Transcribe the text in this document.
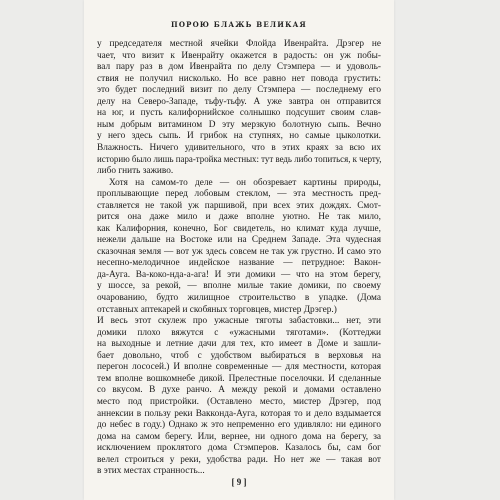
ПОРОЮ БЛАЖЬ ВЕЛИКАЯ
у председателя местной ячейки Флойда Ивенрайта. Дрэгер не
чает, что визит к Ивенрайту окажется в радость: он уж побы-
вал пару раз в дом Ивенрайта по делу Стэмпера — и удоволь-
ствия не получил нисколько. Но все равно нет повода грустить:
это будет последний визит по делу Стэмпера — последнему его
делу на Северо-Западе, тьфу-тьфу. А уже завтра он отправится
на юг, и пусть калифорнийское солнышко подсушит своим слав-
ным добрым витамином D эту мерзкую болотную сыпь. Вечно
у него здесь сыпь. И грибок на ступнях, но самые цыколотки.
Влажность. Ничего удивительного, что в этих краях за всю их
историю было лишь пара-тройка местных: тут ведь либо топиться, к черту,
либо гнить заживо.
Хотя на самом-то деле — он обозревает картины природы,
проплывающие перед лобовым стеклом, — эта местность пред-
ставляется не такой уж паршивой, при всех этих дождях. Смот-
рится она даже мило и даже вполне уютно. Не так мило,
как Калифорния, конечно, Бог свидетель, но климат куда лучше,
нежели дальше на Востоке или на Среднем Западе. Эта чудесная
сказочная земля — вот уж здесь совсем не так уж грустно. И само это
несепно-мелодичное индейское название — петрудное: Вакон-
да-Ауга. Ва-коко-нда-а-ага! И эти домики — что на этом берегу,
у шоссе, за рекой, — вполне милые такие домики, по своему
очарованию, будто жилищное строительство в упадке. (Дома
отставных аптекарей и скобяных торговцев, мистер Дрэгер.)
И весь этот скулеж про ужасные тяготы забастовки... нет, эти
домики плохо вяжутся с «ужасными тяготами». (Коттеджи
на выходные и летние дачи для тех, кто имеет в Доме и зашли-
бает довольно, чтоб с удобством выбираться в верховья на
перегон лососей.) И вполне современные — для местности, которая
тем вполне вошкомнебе дикой. Прелестные поселочки. И сделанные
со вкусом. В духе ранчо. А между рекой и домами оставлено
место под пристройки. (Оставлено место, мистер Дрэгер, под
аннексии в пользу реки Вакконда-Ауга, которая то и дело вздымается
до небес в году.) Однако ж это непременно его удивляло: ни единого
дома на самом берегу. Или, вернее, ни одного дома на берегу, за
исключением проклятого дома Стэмперов. Казалось бы, сам бог
велел строиться у реки, удобства ради. Но нет же — такая вот
в этих местах странность...
[ 9 ]
